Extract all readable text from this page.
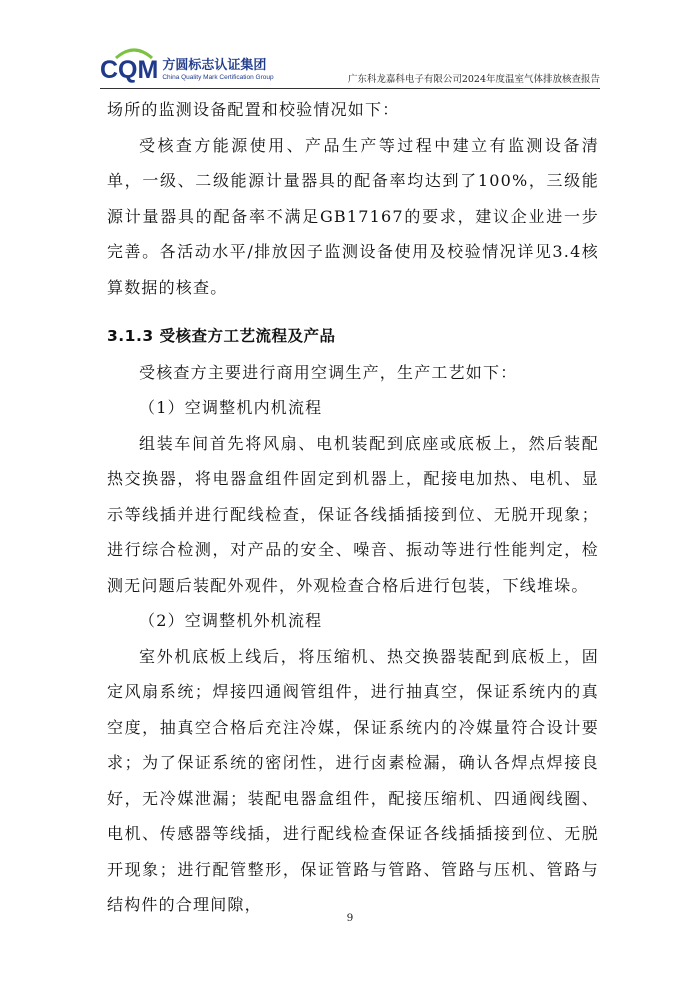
CQM 方圆标志认证集团
China Quality Mark Certification Group	广东科龙嘉科电子有限公司2024年度温室气体排放核查报告

场所的监测设备配置和校验情况如下：

受核查方能源使用、产品生产等过程中建立有监测设备清单，一级、二级能源计量器具的配备率均达到了100%，三级能源计量器具的配备率不满足GB17167的要求，建议企业进一步完善。各活动水平/排放因子监测设备使用及校验情况详见3.4核算数据的核查。

3.1.3 受核查方工艺流程及产品

受核查方主要进行商用空调生产，生产工艺如下：

（1）空调整机内机流程

组装车间首先将风扇、电机装配到底座或底板上，然后装配热交换器，将电器盒组件固定到机器上，配接电加热、电机、显示等线插并进行配线检查，保证各线插插接到位、无脱开现象；进行综合检测，对产品的安全、噪音、振动等进行性能判定，检测无问题后装配外观件，外观检查合格后进行包装，下线堆垛。

（2）空调整机外机流程

室外机底板上线后，将压缩机、热交换器装配到底板上，固定风扇系统；焊接四通阀管组件，进行抽真空，保证系统内的真空度，抽真空合格后充注冷媒，保证系统内的冷媒量符合设计要求；为了保证系统的密闭性，进行卤素检漏，确认各焊点焊接良好，无冷媒泄漏；装配电器盒组件，配接压缩机、四通阀线圈、电机、传感器等线插，进行配线检查保证各线插插接到位、无脱开现象；进行配管整形，保证管路与管路、管路与压机、管路与结构件的合理间隙，

9
